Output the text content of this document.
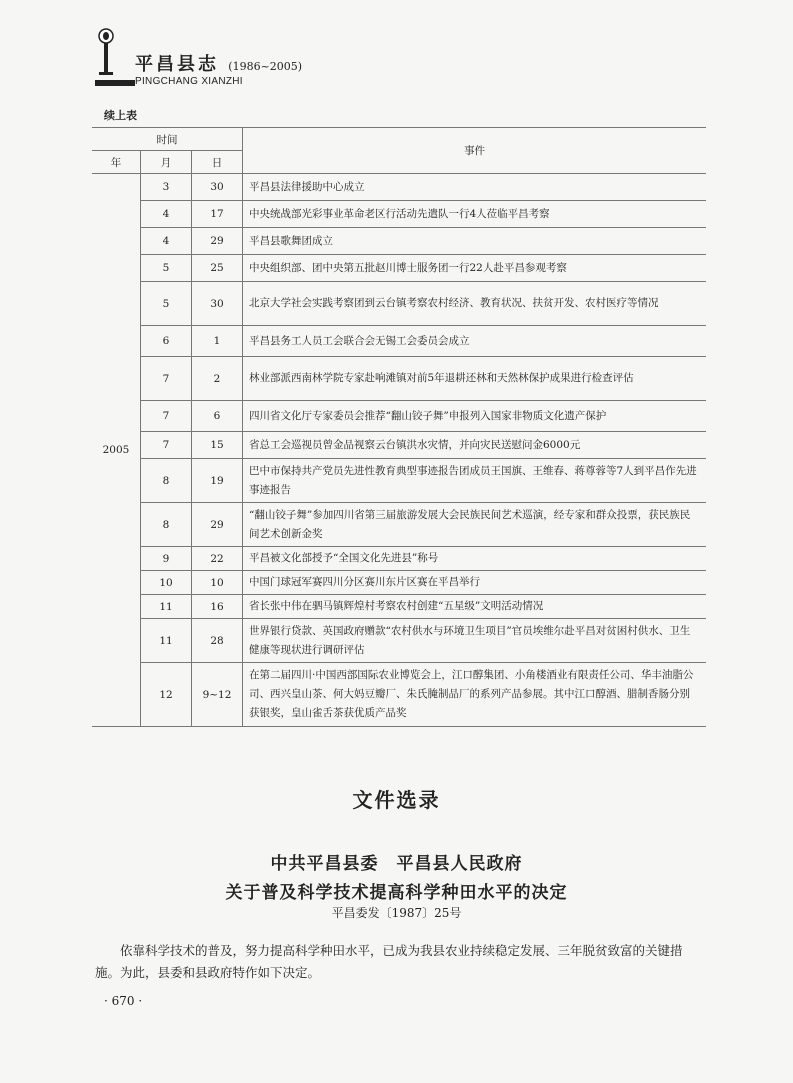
平昌县志 (1986~2005)
PINGCHANG XIANZHI
续上表
时间			事件
年	月	日	
2005	3	30	平昌县法律援助中心成立
	4	17	中央统战部光彩事业革命老区行活动先遣队一行4人莅临平昌考察
	4	29	平昌县歌舞团成立
	5	25	中央组织部、团中央第五批赵川博士服务团一行22人赴平昌参观考察
	5	30	北京大学社会实践考察团到云台镇考察农村经济、教育状况、扶贫开发、农村医疗等情况
	6	1	平昌县务工人员工会联合会无锡工会委员会成立
	7	2	林业部派西南林学院专家赴响滩镇对前5年退耕还林和天然林保护成果进行检查评估
	7	6	四川省文化厅专家委员会推荐“翻山铰子舞”申报列入国家非物质文化遗产保护
	7	15	省总工会巡视员曾金品视察云台镇洪水灾情，并向灾民送慰问金6000元
	8	19	巴中市保持共产党员先进性教育典型事迹报告团成员王国旗、王维春、蒋尊蓉等7人到平昌作先进事迹报告
	8	29	“翻山铰子舞”参加四川省第三届旅游发展大会民族民间艺术巡演，经专家和群众投票，获民族民间艺术创新金奖
	9	22	平昌被文化部授予“全国文化先进县”称号
	10	10	中国门球冠军赛四川分区赛川东片区赛在平昌举行
	11	16	省长张中伟在驷马镇辉煌村考察农村创建“五星级”文明活动情况
	11	28	世界银行贷款、英国政府赠款“农村供水与环境卫生项目”官员埃维尔赴平昌对贫困村供水、卫生健康等现状进行调研评估
	12	9~12	在第二届四川·中国西部国际农业博览会上，江口醇集团、小角楼酒业有限责任公司、华丰油脂公司、西兴皇山茶、何大妈豆瓣厂、朱氏腌制品厂的系列产品参展。其中江口醇酒、腊制香肠分别获银奖，皇山雀舌茶获优质产品奖
文件选录
中共平昌县委　平昌县人民政府
关于普及科学技术提高科学种田水平的决定
平昌委发〔1987〕25号
依靠科学技术的普及，努力提高科学种田水平，已成为我县农业持续稳定发展、三年脱贫致富的关键措施。为此，县委和县政府特作如下决定。
· 670 ·
